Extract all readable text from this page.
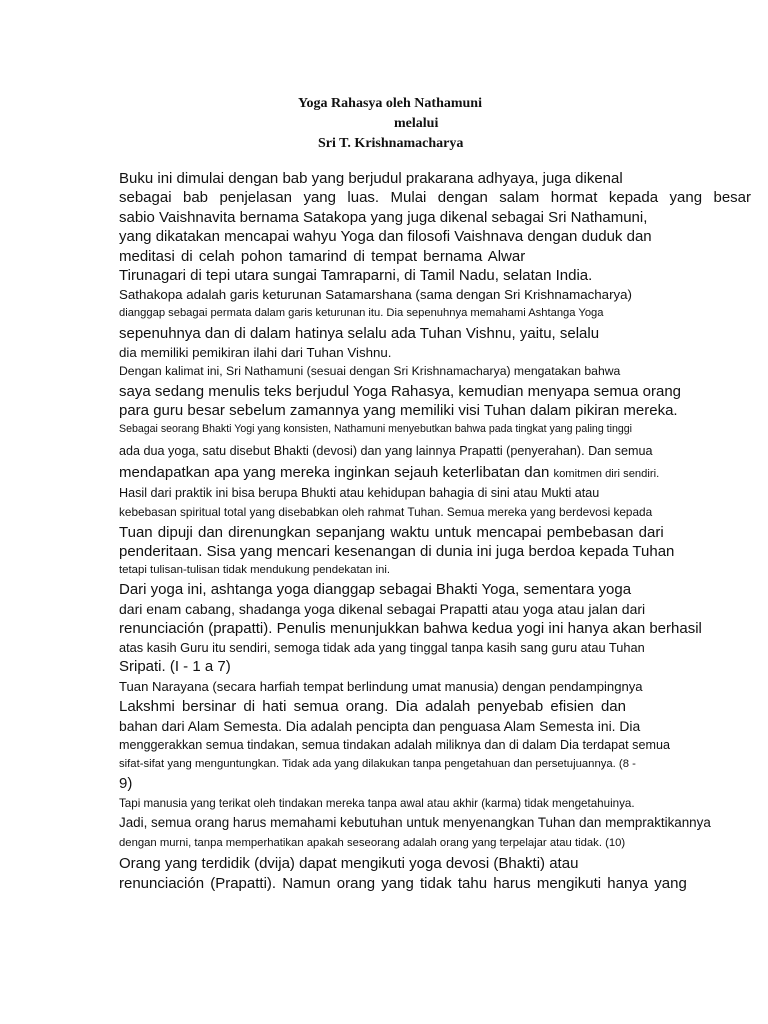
Yoga Rahasya oleh Nathamuni
melalui
Sri T. Krishnamacharya
Buku ini dimulai dengan bab yang berjudul prakarana adhyaya, juga dikenal
sebagai bab penjelasan yang luas. Mulai dengan salam hormat kepada yang besar
sabio Vaishnavita bernama Satakopa yang juga dikenal sebagai Sri Nathamuni,
yang dikatakan mencapai wahyu Yoga dan filosofi Vaishnava dengan duduk dan
meditasi di celah pohon tamarind di tempat bernama Alwar
Tirunagari di tepi utara sungai Tamraparni, di Tamil Nadu, selatan India.
Sathakopa adalah garis keturunan Satamarshana (sama dengan Sri Krishnamacharya)
dianggap sebagai permata dalam garis keturunan itu. Dia sepenuhnya memahami Ashtanga Yoga
sepenuhnya dan di dalam hatinya selalu ada Tuhan Vishnu, yaitu, selalu
dia memiliki pemikiran ilahi dari Tuhan Vishnu.
Dengan kalimat ini, Sri Nathamuni (sesuai dengan Sri Krishnamacharya) mengatakan bahwa
saya sedang menulis teks berjudul Yoga Rahasya, kemudian menyapa semua orang
para guru besar sebelum zamannya yang memiliki visi Tuhan dalam pikiran mereka.
Sebagai seorang Bhakti Yogi yang konsisten, Nathamuni menyebutkan bahwa pada tingkat yang paling tinggi
ada dua yoga, satu disebut Bhakti (devosi) dan yang lainnya Prapatti (penyerahan). Dan semua
mendapatkan apa yang mereka inginkan sejauh keterlibatan dan komitmen diri sendiri.
Hasil dari praktik ini bisa berupa Bhukti atau kehidupan bahagia di sini atau Mukti atau
kebebasan spiritual total yang disebabkan oleh rahmat Tuhan. Semua mereka yang berdevosi kepada
Tuan dipuji dan direnungkan sepanjang waktu untuk mencapai pembebasan dari
penderitaan. Sisa yang mencari kesenangan di dunia ini juga berdoa kepada Tuhan
tetapi tulisan-tulisan tidak mendukung pendekatan ini.
Dari yoga ini, ashtanga yoga dianggap sebagai Bhakti Yoga, sementara yoga
dari enam cabang, shadanga yoga dikenal sebagai Prapatti atau yoga atau jalan dari
renunciación (prapatti). Penulis menunjukkan bahwa kedua yogi ini hanya akan berhasil
atas kasih Guru itu sendiri, semoga tidak ada yang tinggal tanpa kasih sang guru atau Tuhan
Sripati. (I - 1 a 7)
Tuan Narayana (secara harfiah tempat berlindung umat manusia) dengan pendampingnya
Lakshmi bersinar di hati semua orang. Dia adalah penyebab efisien dan
bahan dari Alam Semesta. Dia adalah pencipta dan penguasa Alam Semesta ini. Dia
menggerakkan semua tindakan, semua tindakan adalah miliknya dan di dalam Dia terdapat semua
sifat-sifat yang menguntungkan. Tidak ada yang dilakukan tanpa pengetahuan dan persetujuannya. (8 -
9)
Tapi manusia yang terikat oleh tindakan mereka tanpa awal atau akhir (karma) tidak mengetahuinya.
Jadi, semua orang harus memahami kebutuhan untuk menyenangkan Tuhan dan mempraktikannya
dengan murni, tanpa memperhatikan apakah seseorang adalah orang yang terpelajar atau tidak. (10)
Orang yang terdidik (dvija) dapat mengikuti yoga devosi (Bhakti) atau
renunciación (Prapatti). Namun orang yang tidak tahu harus mengikuti hanya yang
